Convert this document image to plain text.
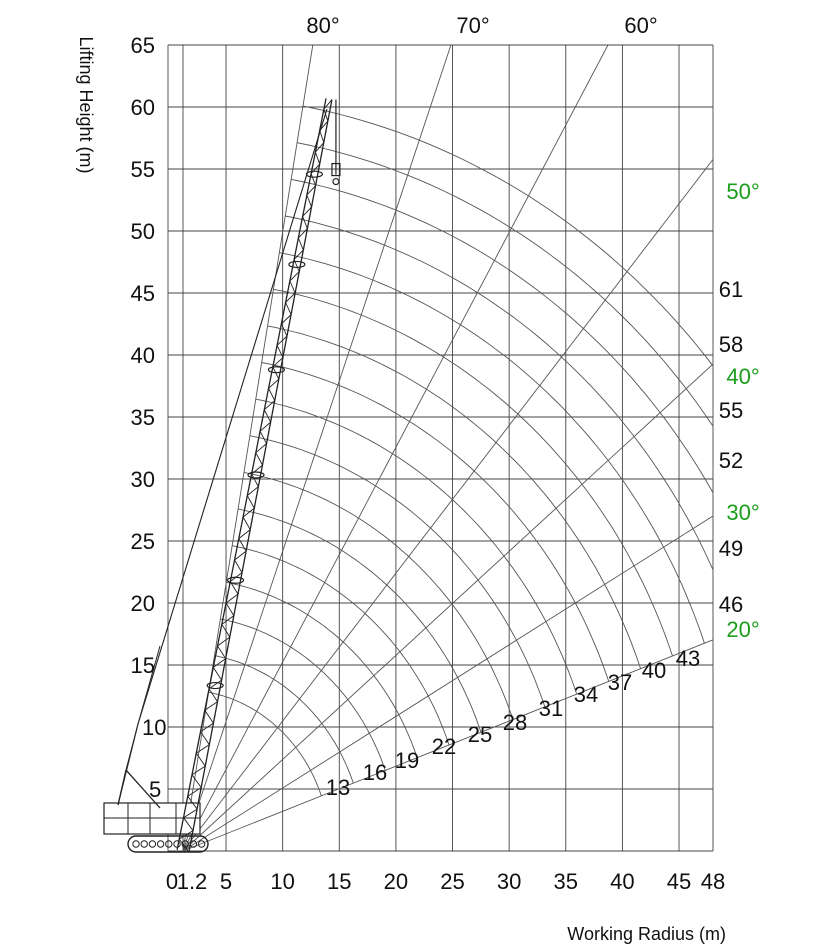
0
1.2 5 10 15 20 25 30 35 40 45 48
65
60
55
50
45
40
35
30
25
20
15
10
5
80°	70°	60°
50°
40°
30°
20°
13
16 19
22 25 28
31
34 37 40 43
46
49
52
55
58
61
Lifting Height (m)
Working Radius (m)
